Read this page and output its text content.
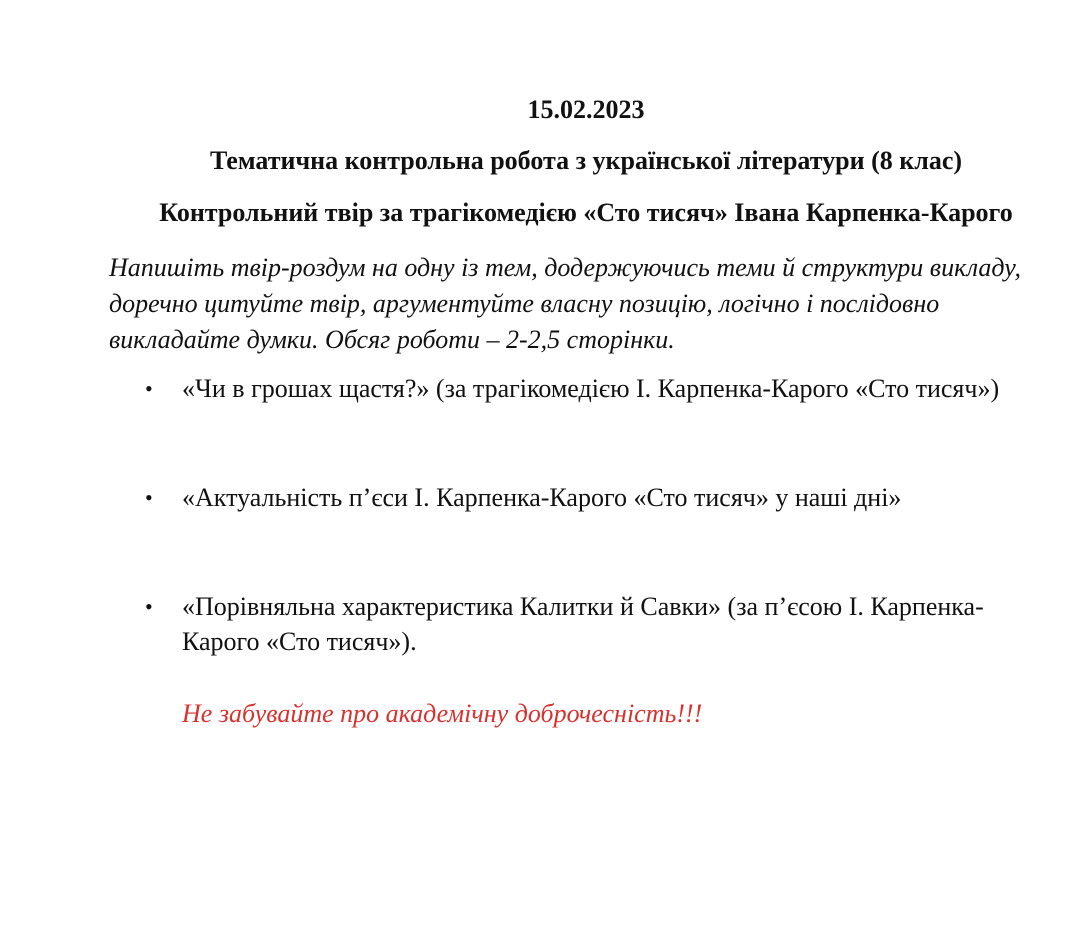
15.02.2023
Тематична контрольна робота з української літератури (8 клас)
Контрольний твір за трагікомедією «Сто тисяч» Івана Карпенка-Карого
Напишіть твір-роздум на одну із тем, додержуючись теми й структури викладу, доречно цитуйте твір, аргументуйте власну позицію, логічно і послідовно викладайте думки. Обсяг роботи – 2-2,5 сторінки.
• «Чи в грошах щастя?» (за трагікомедією І. Карпенка-Карого «Сто тисяч»)
• «Актуальність п’єси І. Карпенка-Карого «Сто тисяч» у наші дні»
• «Порівняльна характеристика Калитки й Савки» (за п’єсою І. Карпенка-Карого «Сто тисяч»).
Не забувайте про академічну доброчесність!!!
